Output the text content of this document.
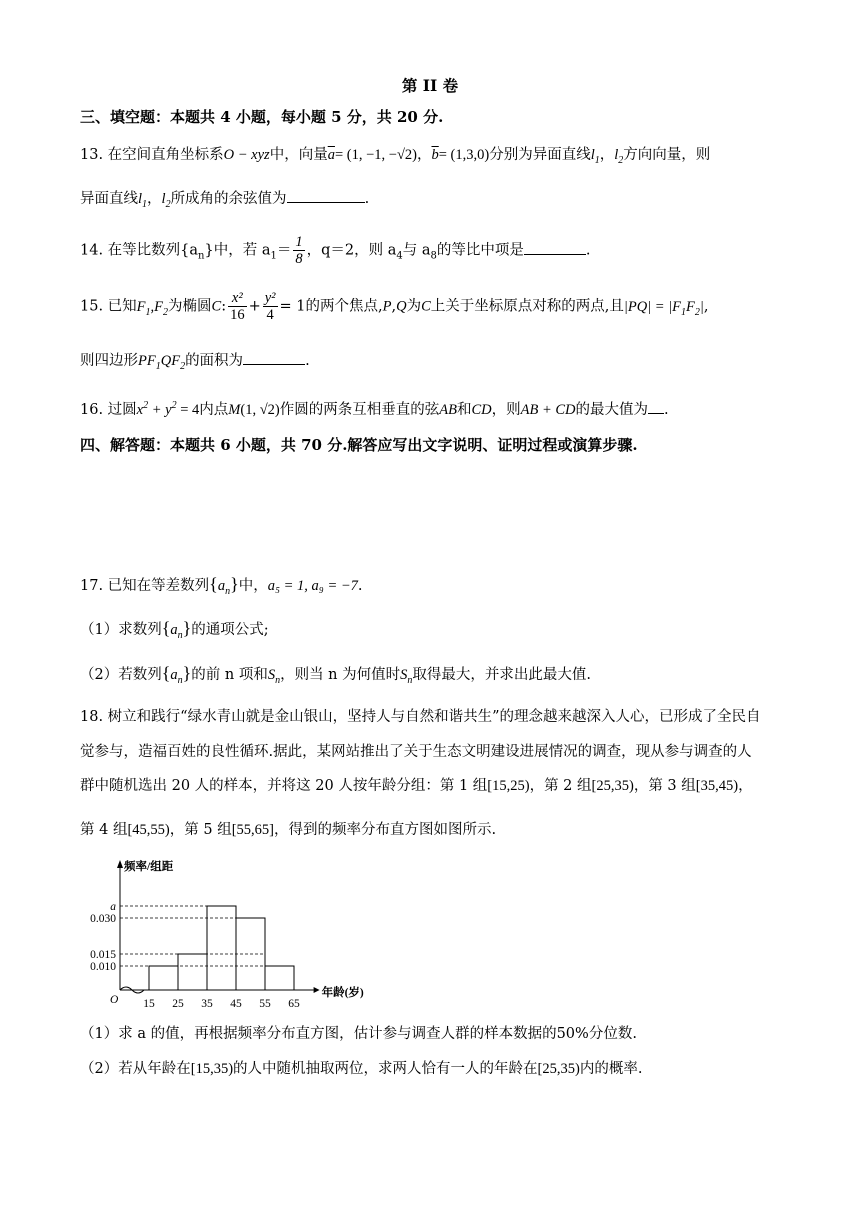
第 II 卷
三、填空题：本题共 4 小题，每小题 5 分，共 20 分.
13. 在空间直角坐标系O − xyz中，向量$\overline{a}= (1$, −1, −√2)，$\overline{b}= (1,3,0)$分别为异面直线$l_1$，$l_2$方向向量，则
异面直线$l_1$，$l_2$所成角的余弦值为	.
14. 在等比数列$\{a_n\}$中，若 $a_1= \frac{1}{8}$ ，q＝2，则 $a_4$与 $a_8$的等比中项是	.
15. 已知$F_1,F_2$为椭圆C: $\frac{\text{x²}}{16} + \frac{\text{y²}}{4} = 1$的两个焦点,P,Q为C上关于坐标原点对称的两点,且$|PQ| = |F_1F_2|$,
则四边形$PF_1QF_2$的面积为	.
16. 过圆$x^2 + y^2 = 4$内点M(1, √2)作圆的两条互相垂直的弦AB和CD，则AB + CD的最大值为 .
四、解答题：本题共 6 小题，共 70 分.解答应写出文字说明、证明过程或演算步骤.
17. 已知在等差数列$\{a_n\}$中，a₅ = 1, a₉ = −7.
（1）求数列$\{a_n\}$的通项公式;
（2）若数列$\{a_n\}$的前 n 项和$S_n$，则当 n 为何值时$S_n$取得最大，并求出此最大值.
18. 树立和践行“绿水青山就是金山银山，坚持人与自然和谐共生”的理念越来越深入人心，已形成了全民自
觉参与，造福百姓的良性循环.据此，某网站推出了关于生态文明建设进展情况的调查，现从参与调查的人
群中随机选出 20 人的样本，并将这 20 人按年龄分组：第 1 组[15,25)，第 2 组[25,35)，第 3 组[35,45)，
第 4 组[45,55)，第 5 组[55,65]，得到的频率分布直方图如图所示.
0.010
0.015
0.030
a
15 25 35 45 55 65
O
频率/组距
年龄(岁)
（1）求 a 的值，再根据频率分布直方图，估计参与调查人群的样本数据的50%分位数.
（2）若从年龄在[15,35)的人中随机抽取两位，求两人恰有一人的年龄在[25,35)内的概率.
